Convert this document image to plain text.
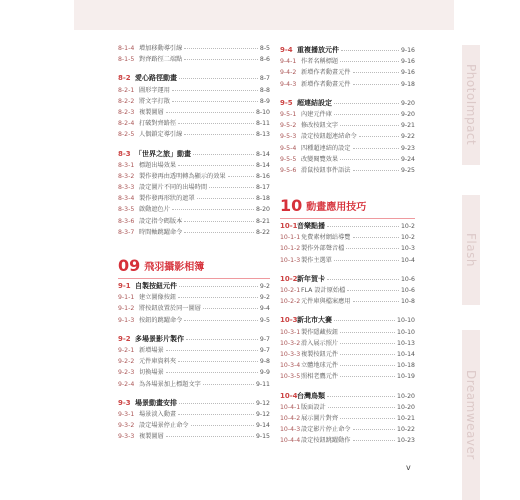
8-1-4 增加移動導引線	8-5
8-1-5 對齊路徑二端點	8-6
8-2 愛心路徑動畫	8-7
8-2-1 圖形字運用	8-8
8-2-2 將文字打散	8-9
8-2-3 複製圖層	8-10
8-2-4 打破對齊路徑	8-11
8-2-5 人偶鎖定導引線	8-13
8-3 「世界之旅」動畫	8-14
8-3-1 標題出場效果	8-14
8-3-2 製作發再由透明轉為顯示的效果	8-16
8-3-3 設定圖片不同的出場時間	8-17
8-3-4 製作發再形狀的遮罩	8-18
8-3-5 啟動遮色片	8-20
8-3-6 設定指令碼版本	8-21
8-3-7 時間軸跳躍命令	8-22
09 飛羽攝影相簿
9-1 自製按鈕元件	9-2
9-1-1 建立圖像按鈕	9-2
9-1-2 將按鈕放置於同一圖層	9-4
9-1-3 按鈕的跳躍命令	9-5
9-2 多場景影片製作	9-7
9-2-1 新增場景	9-7
9-2-2 元件庫資料夾	9-8
9-2-3 切換場景	9-9
9-2-4 為各場景加上標題文字	9-11
9-3 場景動畫安排	9-12
9-3-1 場景淡入動畫	9-12
9-3-2 設定場景停止命令	9-14
9-3-3 複製圖層	9-15
9-4 重複播放元件	9-16
9-4-1 作者名稱標題	9-16
9-4-2 新增作者動畫元件	9-16
9-4-3 新增作者動畫元件	9-18
9-5 超連結設定	9-20
9-5-1 內建元件庫	9-20
9-5-2 修改按鈕文字	9-21
9-5-3 設定按鈕超連結命令	9-22
9-5-4 四種超連結的設定	9-23
9-5-5 改變閱覽效果	9-24
9-5-6 滑鼠按鈕事件語法	9-25
10 動畫應用技巧
10-1 音樂點播	10-2
10-1-1 免費素材網站導覽	10-2
10-1-2 製作外部聲音檔	10-3
10-1-3 製作主選單	10-4
10-2 新年賀卡	10-6
10-2-1 FLA 設計原始檔	10-6
10-2-2 元件庫與檔案應用	10-8
10-3 新北市大賽	10-10
10-3-1 製作隱藏按鈕	10-10
10-3-2 滑入展示照片	10-13
10-3-3 複製按鈕元件	10-14
10-3-4 立體地球元件	10-18
10-3-5 照相老鷹元件	10-19
10-4 台灣鳥類	10-20
10-4-1 版面設計	10-20
10-4-2 展示圖片對齊	10-21
10-4-3 設定影片停止命令	10-22
10-4-4 設定按鈕跳躍動作	10-23
PhotoImpact
Flash
Dreamweaver
v
